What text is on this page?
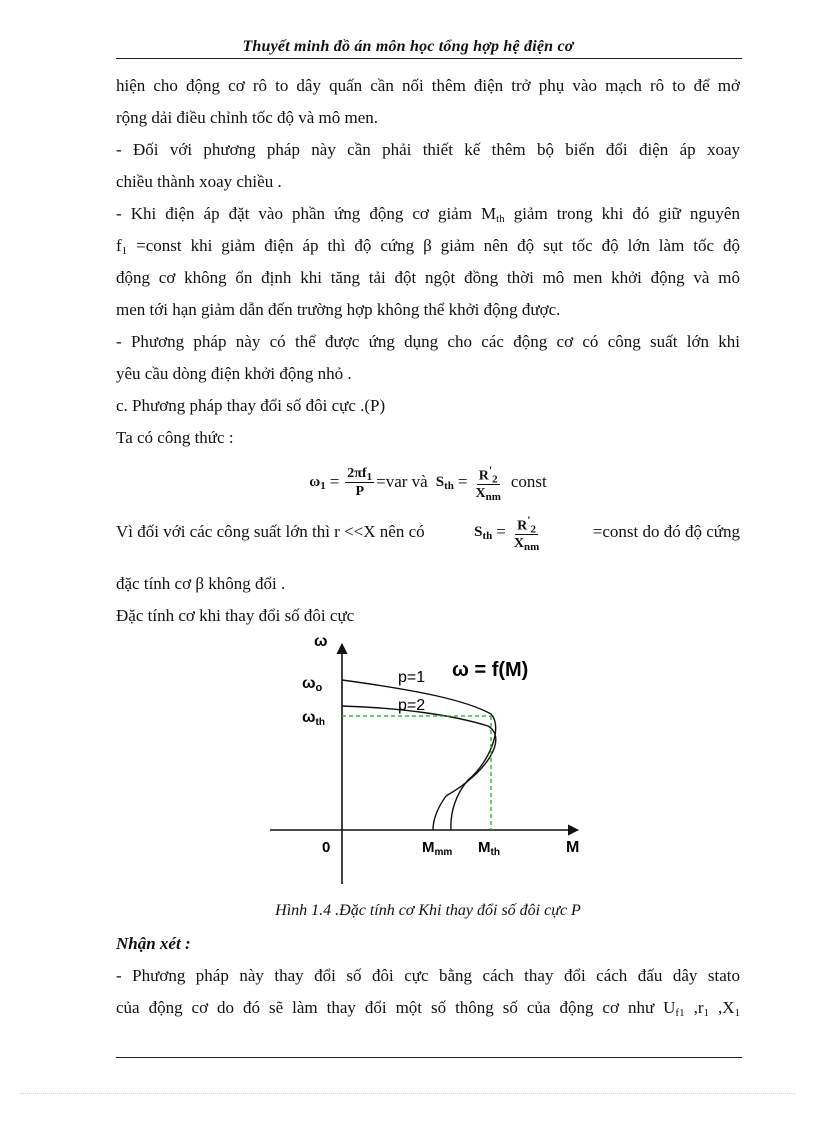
Thuyết minh đồ án môn học tổng hợp hệ điện cơ
hiện cho động cơ rô to dây quấn cần nối thêm điện trở phụ vào mạch rô to để mở
rộng dải điều chỉnh tốc độ và mô men.
- Đối với phương pháp này cần phải thiết kế thêm bộ biến đổi điện áp xoay
chiều thành xoay chiều .
- Khi điện áp đặt vào phần ứng động cơ giảm $M_{th}$ giảm trong khi đó giữ nguyên
$f_1$ =const khi giảm điện áp thì độ cứng β giảm nên độ sụt tốc độ lớn làm tốc độ
động cơ không ổn định khi tăng tải đột ngột đồng thời mô men khởi động và mô
men tới hạn giảm dẫn đến trường hợp không thể khởi động được.
- Phương pháp này có thể được ứng dụng cho các động cơ có công suất lớn khi
yêu cầu dòng điện khởi động nhỏ .
c. Phương pháp thay đổi số đôi cực .(P)
Ta có công thức :
$\omega_1 = \frac{2\pi f_1}{P} =var$ và $S_{th} = \frac{R'_2}{X_{nm}}$ const
Vì đối với các công suất lớn thì r <<X nên có	$S_{th} = \frac{R'_2}{X_{nm}}$	=const do đó độ cứng
đặc tính cơ β không đổi .
Đặc tính cơ khi thay đổi số đôi cực
ω
ωo
ωth
0
p=1
p=2
ω = f(M)
$M_{mm}$ $M_{th}$	M
Hình 1.4 .Đặc tính cơ Khi thay đổi số đôi cực P
Nhận xét :
- Phương pháp này thay đổi số đôi cực bằng cách thay đổi cách đấu dây stato
của động cơ do đó sẽ làm thay đổi một số thông số của động cơ như $U_{f1}$ $,r_1$ $,X_1$
